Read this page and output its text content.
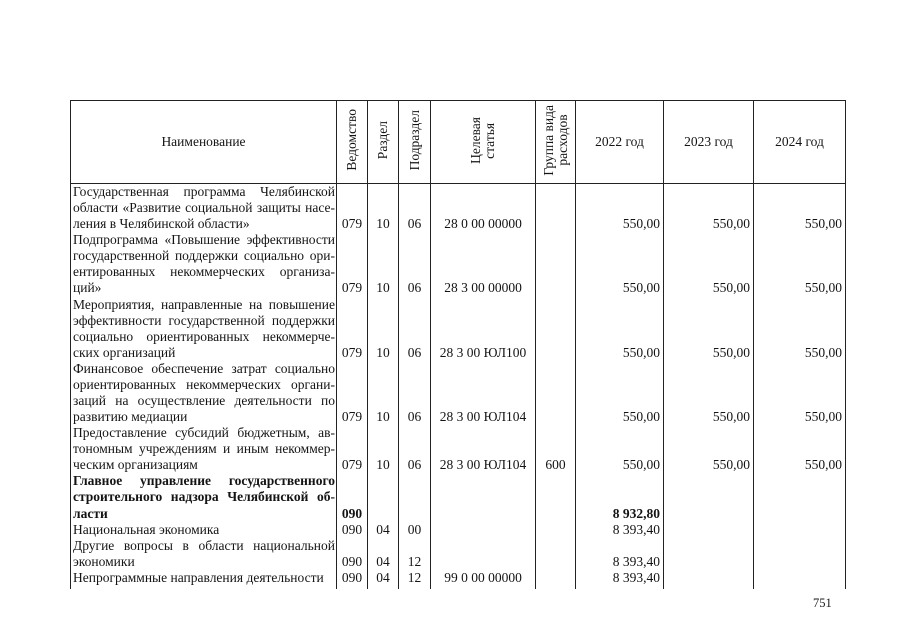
Наименование	Ведомство	Раздел	Подраздел	Целевая статья	Группа вида расходов	2022 год	2023 год	2024 год

Государственная программа Челябинской
области «Развитие социальной защиты насе-
ления в Челябинской области»	079	10	06	28 0 00 00000		550,00	550,00	550,00

Подпрограмма «Повышение эффективности
государственной поддержки социально ори-
ентированных некоммерческих организа-
ций»	079	10	06	28 3 00 00000		550,00	550,00	550,00

Мероприятия, направленные на повышение
эффективности государственной поддержки
социально ориентированных некоммерче-
ских организаций	079	10	06	28 3 00 ЮЛ100		550,00	550,00	550,00

Финансовое обеспечение затрат социально
ориентированных некоммерческих органи-
заций на осуществление деятельности по
развитию медиации	079	10	06	28 3 00 ЮЛ104		550,00	550,00	550,00

Предоставление субсидий бюджетным, ав-
тономным учреждениям и иным некоммер-
ческим организациям	079	10	06	28 3 00 ЮЛ104	600	550,00	550,00	550,00

Главное управление государственного
строительного надзора Челябинской об-
ласти	090					8 932,80		

Национальная экономика	090	04	00			8 393,40		

Другие вопросы в области национальной
экономики	090	04	12			8 393,40		

Непрограммные направления деятельности	090	04	12	99 0 00 00000		8 393,40		

751
